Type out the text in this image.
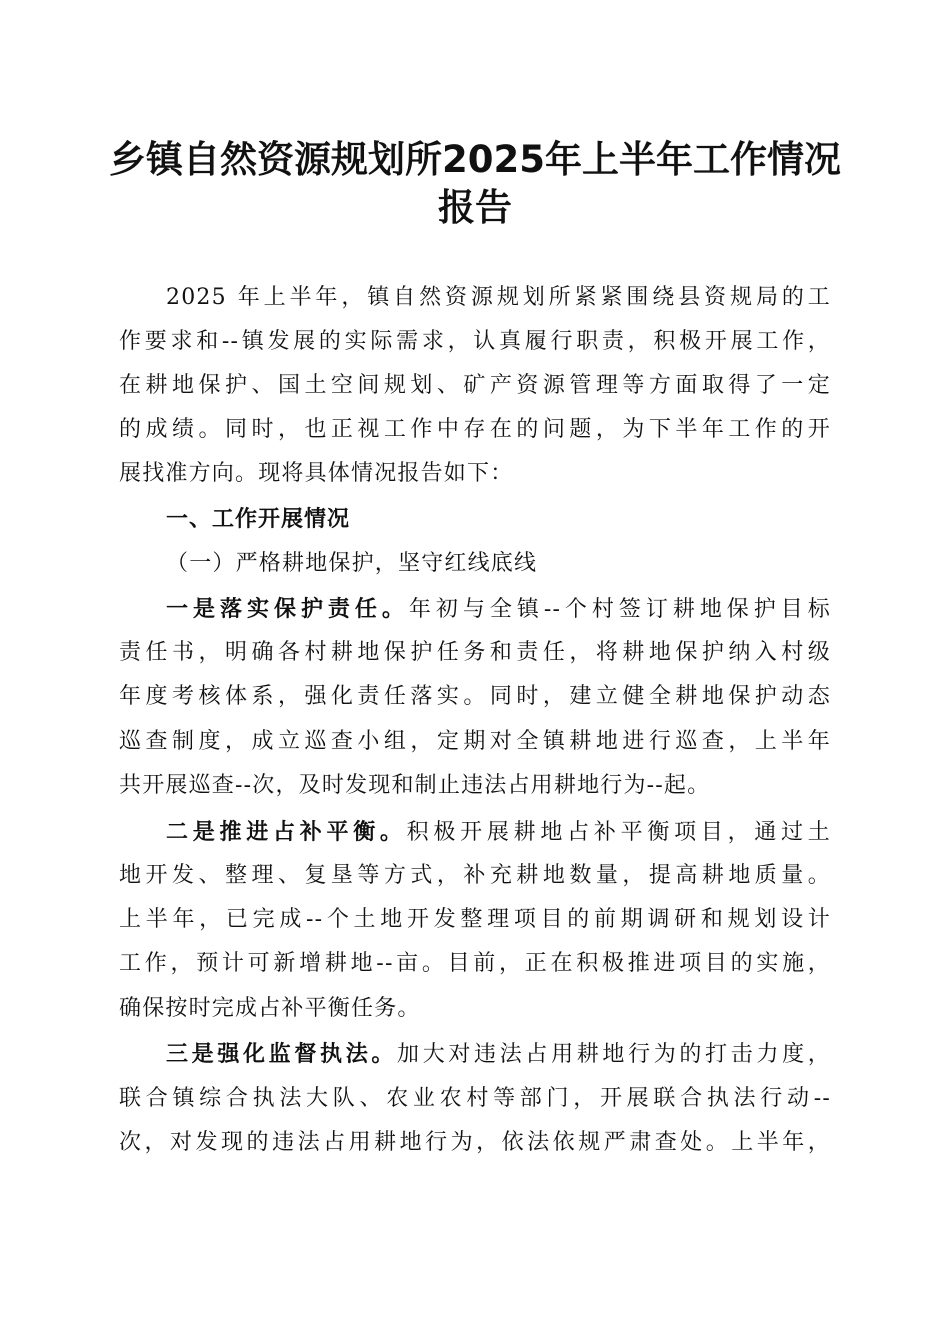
乡镇自然资源规划所2025年上半年工作情况
报告
2025 年上半年，镇自然资源规划所紧紧围绕县资规局的工
作要求和--镇发展的实际需求，认真履行职责，积极开展工作，
在耕地保护、国土空间规划、矿产资源管理等方面取得了一定
的成绩。同时，也正视工作中存在的问题，为下半年工作的开
展找准方向。现将具体情况报告如下：
一、工作开展情况
（一）严格耕地保护，坚守红线底线
一是落实保护责任。年初与全镇--个村签订耕地保护目标
责任书，明确各村耕地保护任务和责任，将耕地保护纳入村级
年度考核体系，强化责任落实。同时，建立健全耕地保护动态
巡查制度，成立巡查小组，定期对全镇耕地进行巡查，上半年
共开展巡查--次，及时发现和制止违法占用耕地行为--起。
二是推进占补平衡。积极开展耕地占补平衡项目，通过土
地开发、整理、复垦等方式，补充耕地数量，提高耕地质量。
上半年，已完成--个土地开发整理项目的前期调研和规划设计
工作，预计可新增耕地--亩。目前，正在积极推进项目的实施，
确保按时完成占补平衡任务。
三是强化监督执法。加大对违法占用耕地行为的打击力度，
联合镇综合执法大队、农业农村等部门，开展联合执法行动--
次，对发现的违法占用耕地行为，依法依规严肃查处。上半年，
